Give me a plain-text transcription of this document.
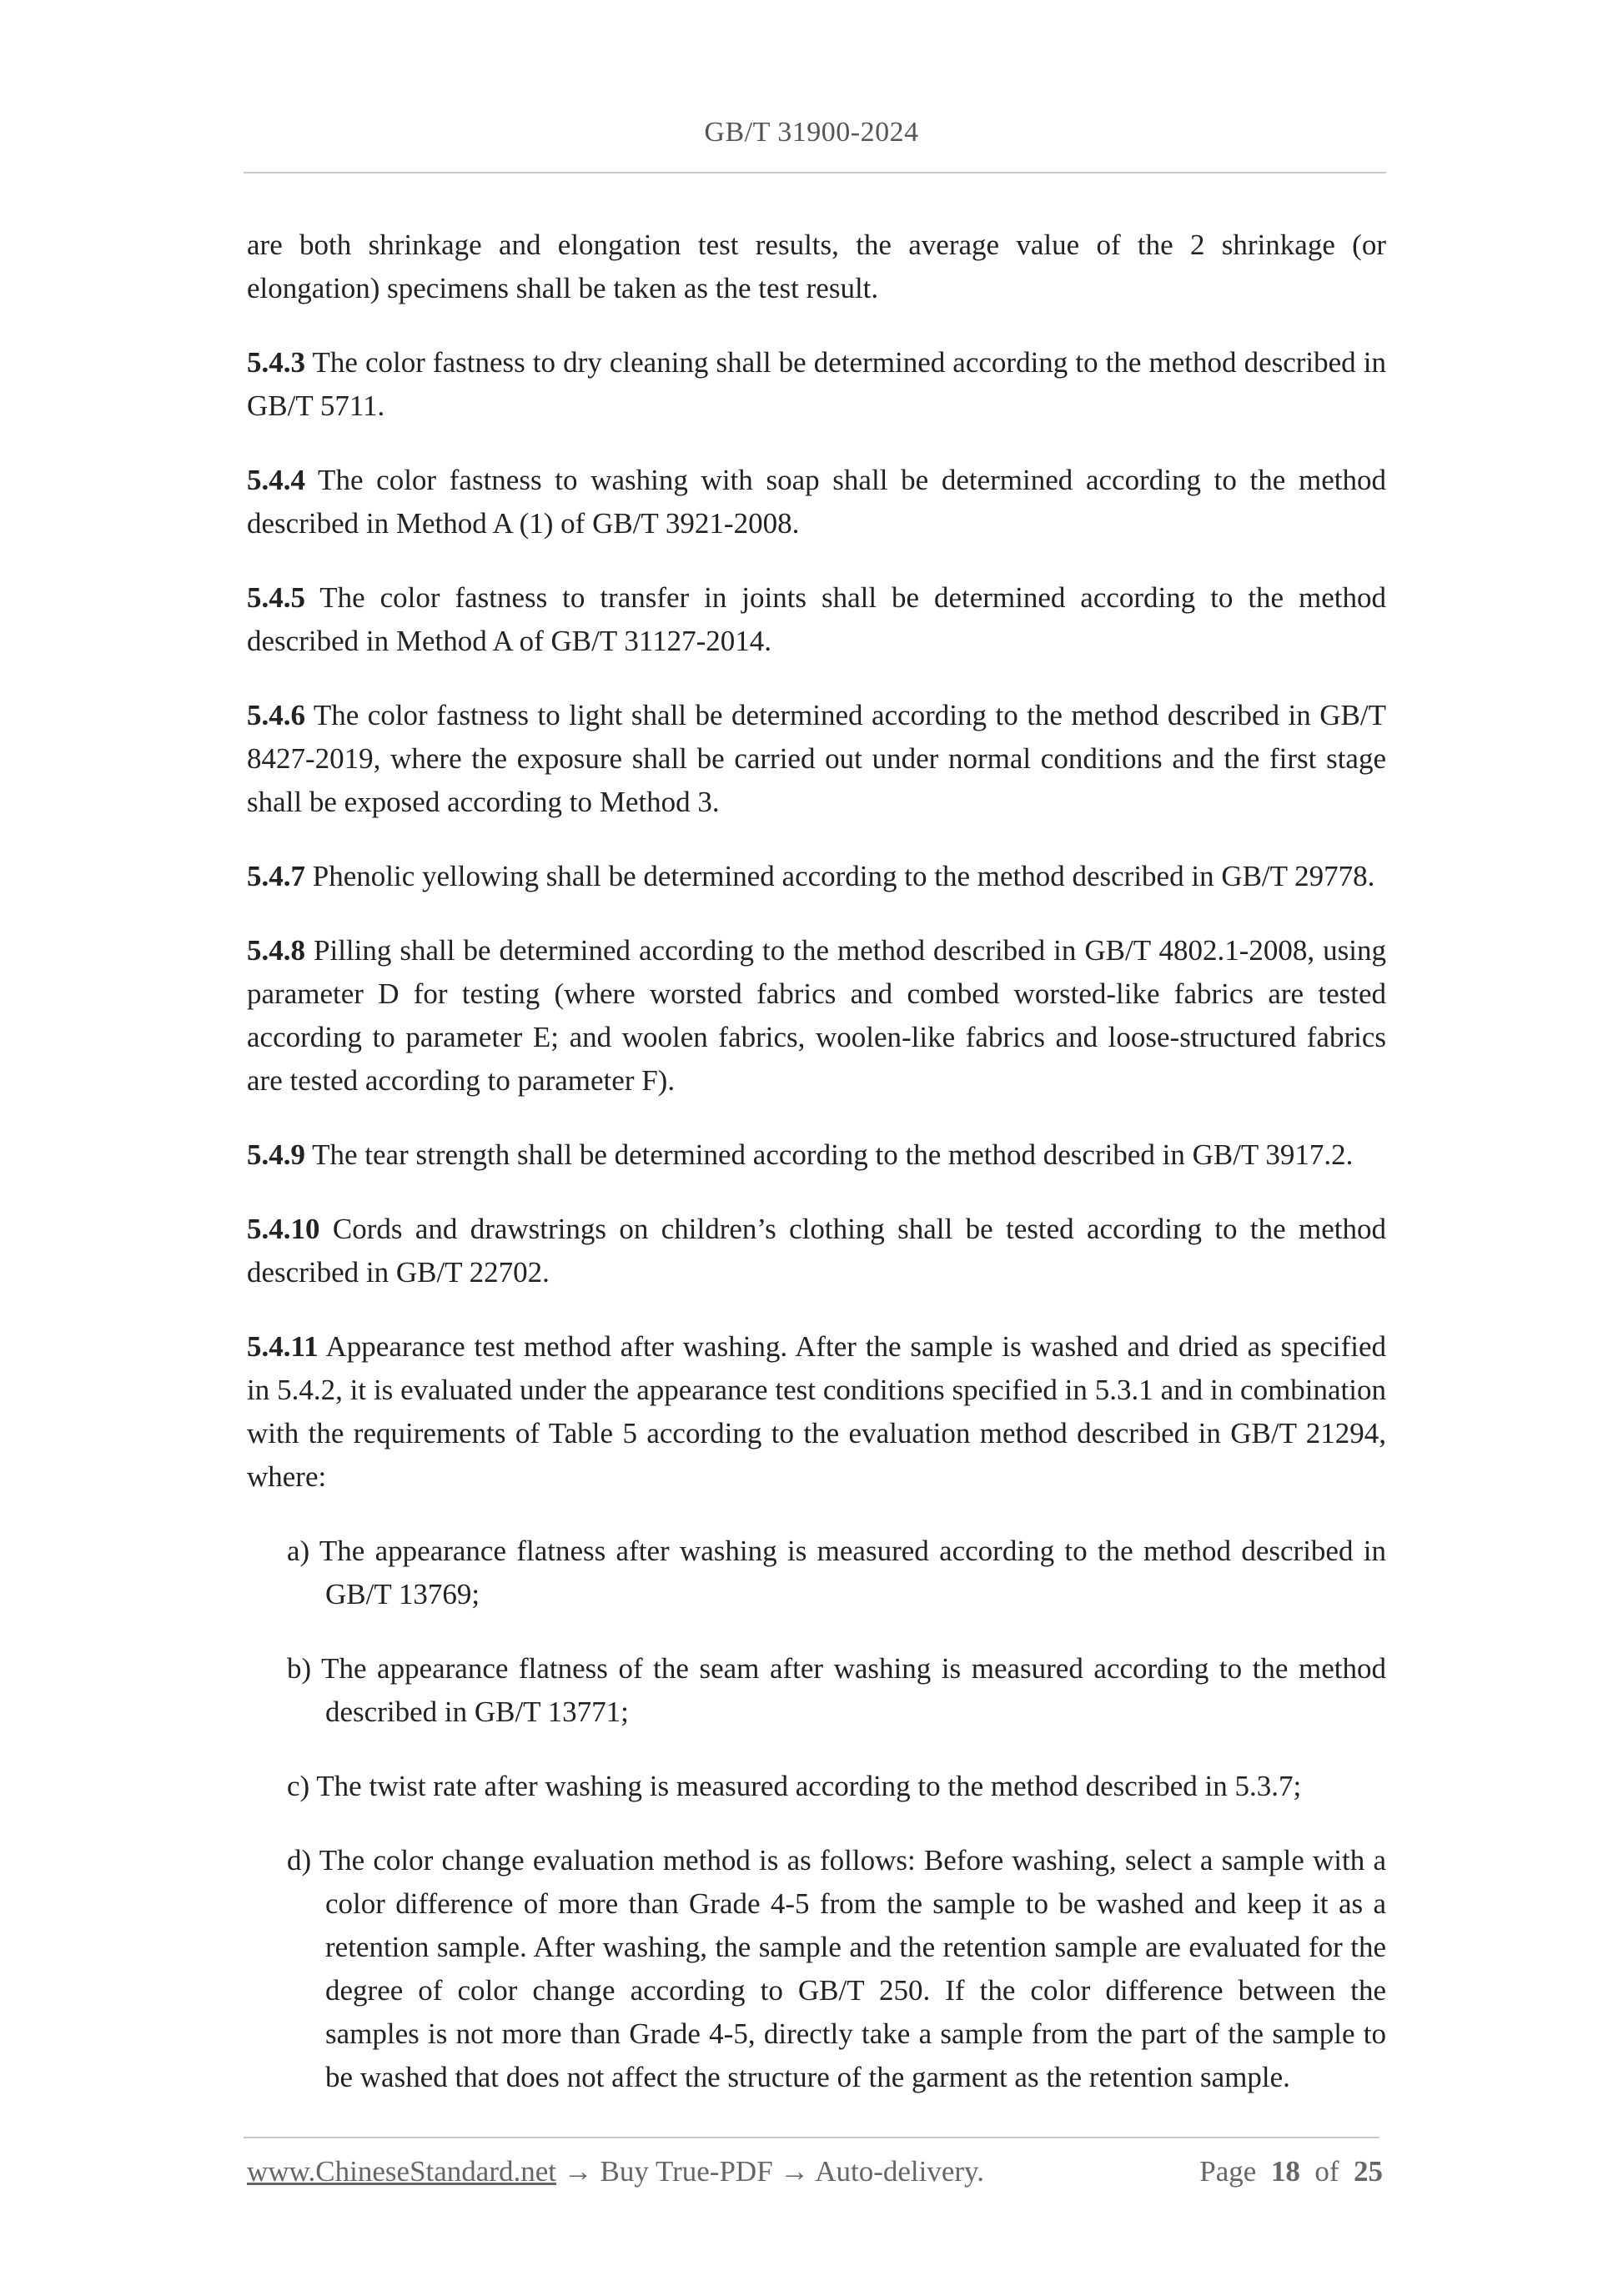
GB/T 31900-2024

are both shrinkage and elongation test results, the average value of the 2 shrinkage (or elongation) specimens shall be taken as the test result.

5.4.3 The color fastness to dry cleaning shall be determined according to the method described in GB/T 5711.

5.4.4 The color fastness to washing with soap shall be determined according to the method described in Method A (1) of GB/T 3921-2008.

5.4.5 The color fastness to transfer in joints shall be determined according to the method described in Method A of GB/T 31127-2014.

5.4.6 The color fastness to light shall be determined according to the method described in GB/T 8427-2019, where the exposure shall be carried out under normal conditions and the first stage shall be exposed according to Method 3.

5.4.7 Phenolic yellowing shall be determined according to the method described in GB/T 29778.

5.4.8 Pilling shall be determined according to the method described in GB/T 4802.1-2008, using parameter D for testing (where worsted fabrics and combed worsted-like fabrics are tested according to parameter E; and woolen fabrics, woolen-like fabrics and loose-structured fabrics are tested according to parameter F).

5.4.9 The tear strength shall be determined according to the method described in GB/T 3917.2.

5.4.10 Cords and drawstrings on children’s clothing shall be tested according to the method described in GB/T 22702.

5.4.11 Appearance test method after washing. After the sample is washed and dried as specified in 5.4.2, it is evaluated under the appearance test conditions specified in 5.3.1 and in combination with the requirements of Table 5 according to the evaluation method described in GB/T 21294, where:

a) The appearance flatness after washing is measured according to the method described in GB/T 13769;

b) The appearance flatness of the seam after washing is measured according to the method described in GB/T 13771;

c) The twist rate after washing is measured according to the method described in 5.3.7;

d) The color change evaluation method is as follows: Before washing, select a sample with a color difference of more than Grade 4-5 from the sample to be washed and keep it as a retention sample. After washing, the sample and the retention sample are evaluated for the degree of color change according to GB/T 250. If the color difference between the samples is not more than Grade 4-5, directly take a sample from the part of the sample to be washed that does not affect the structure of the garment as the retention sample.

www.ChineseStandard.net → Buy True-PDF → Auto-delivery.	Page 18 of 25
